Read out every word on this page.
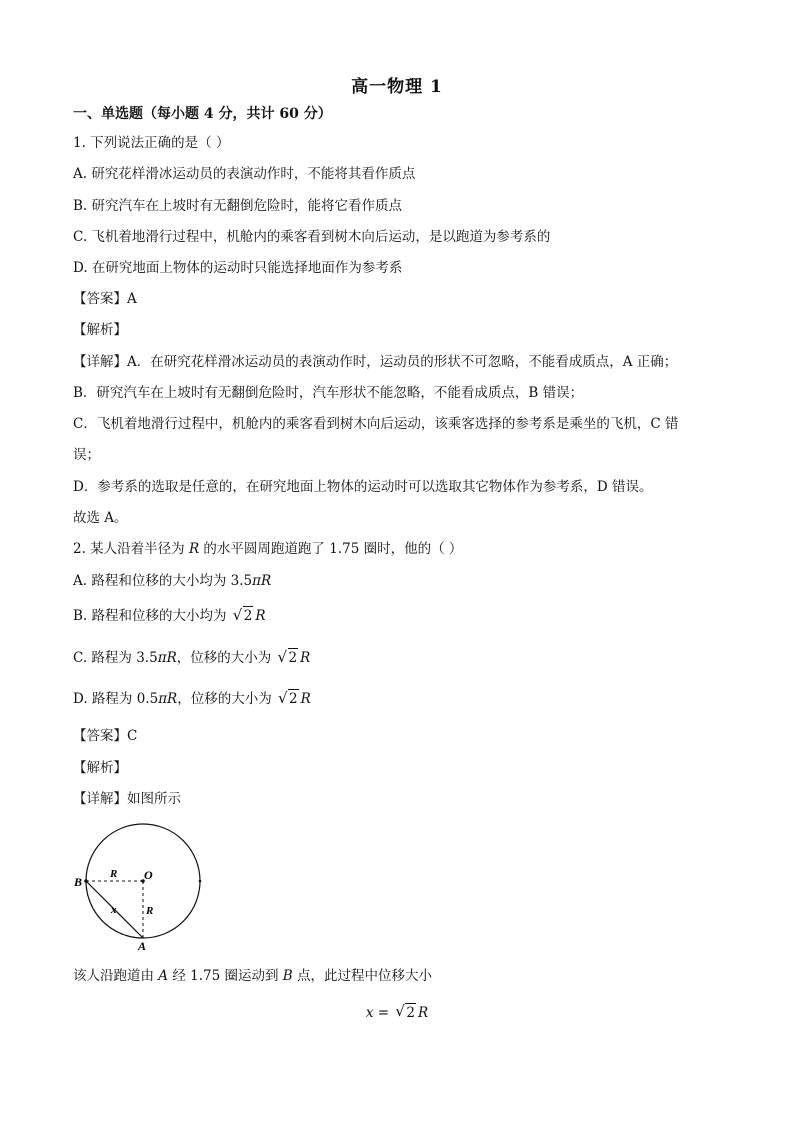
高一物理 1
一、单选题（每小题 4 分，共计 60 分）
1. 下列说法正确的是（ ）
A. 研究花样滑冰运动员的表演动作时，不能将其看作质点
B. 研究汽车在上坡时有无翻倒危险时，能将它看作质点
C. 飞机着地滑行过程中，机舱内的乘客看到树木向后运动，是以跑道为参考系的
D. 在研究地面上物体的运动时只能选择地面作为参考系
【答案】A
【解析】
【详解】A．在研究花样滑冰运动员的表演动作时，运动员的形状不可忽略，不能看成质点，A 正确；
B．研究汽车在上坡时有无翻倒危险时，汽车形状不能忽略，不能看成质点，B 错误；
C．飞机着地滑行过程中，机舱内的乘客看到树木向后运动，该乘客选择的参考系是乘坐的飞机，C 错
误；
D．参考系的选取是任意的，在研究地面上物体的运动时可以选取其它物体作为参考系，D 错误。
故选 A。
2. 某人沿着半径为 R 的水平圆周跑道跑了 1.75 圈时，他的（ ）
A. 路程和位移的大小均为 3.5πR
B. 路程和位移的大小均为 √ 2 R
C. 路程为 3.5πR，位移的大小为 √ 2 R
D. 路程为 0.5πR，位移的大小为 √ 2 R
【答案】C
【解析】
【详解】如图所示
B	O
A
R
R
x
该人沿跑道由 A 经 1.75 圈运动到 B 点，此过程中位移大小
x = √ 2 R
